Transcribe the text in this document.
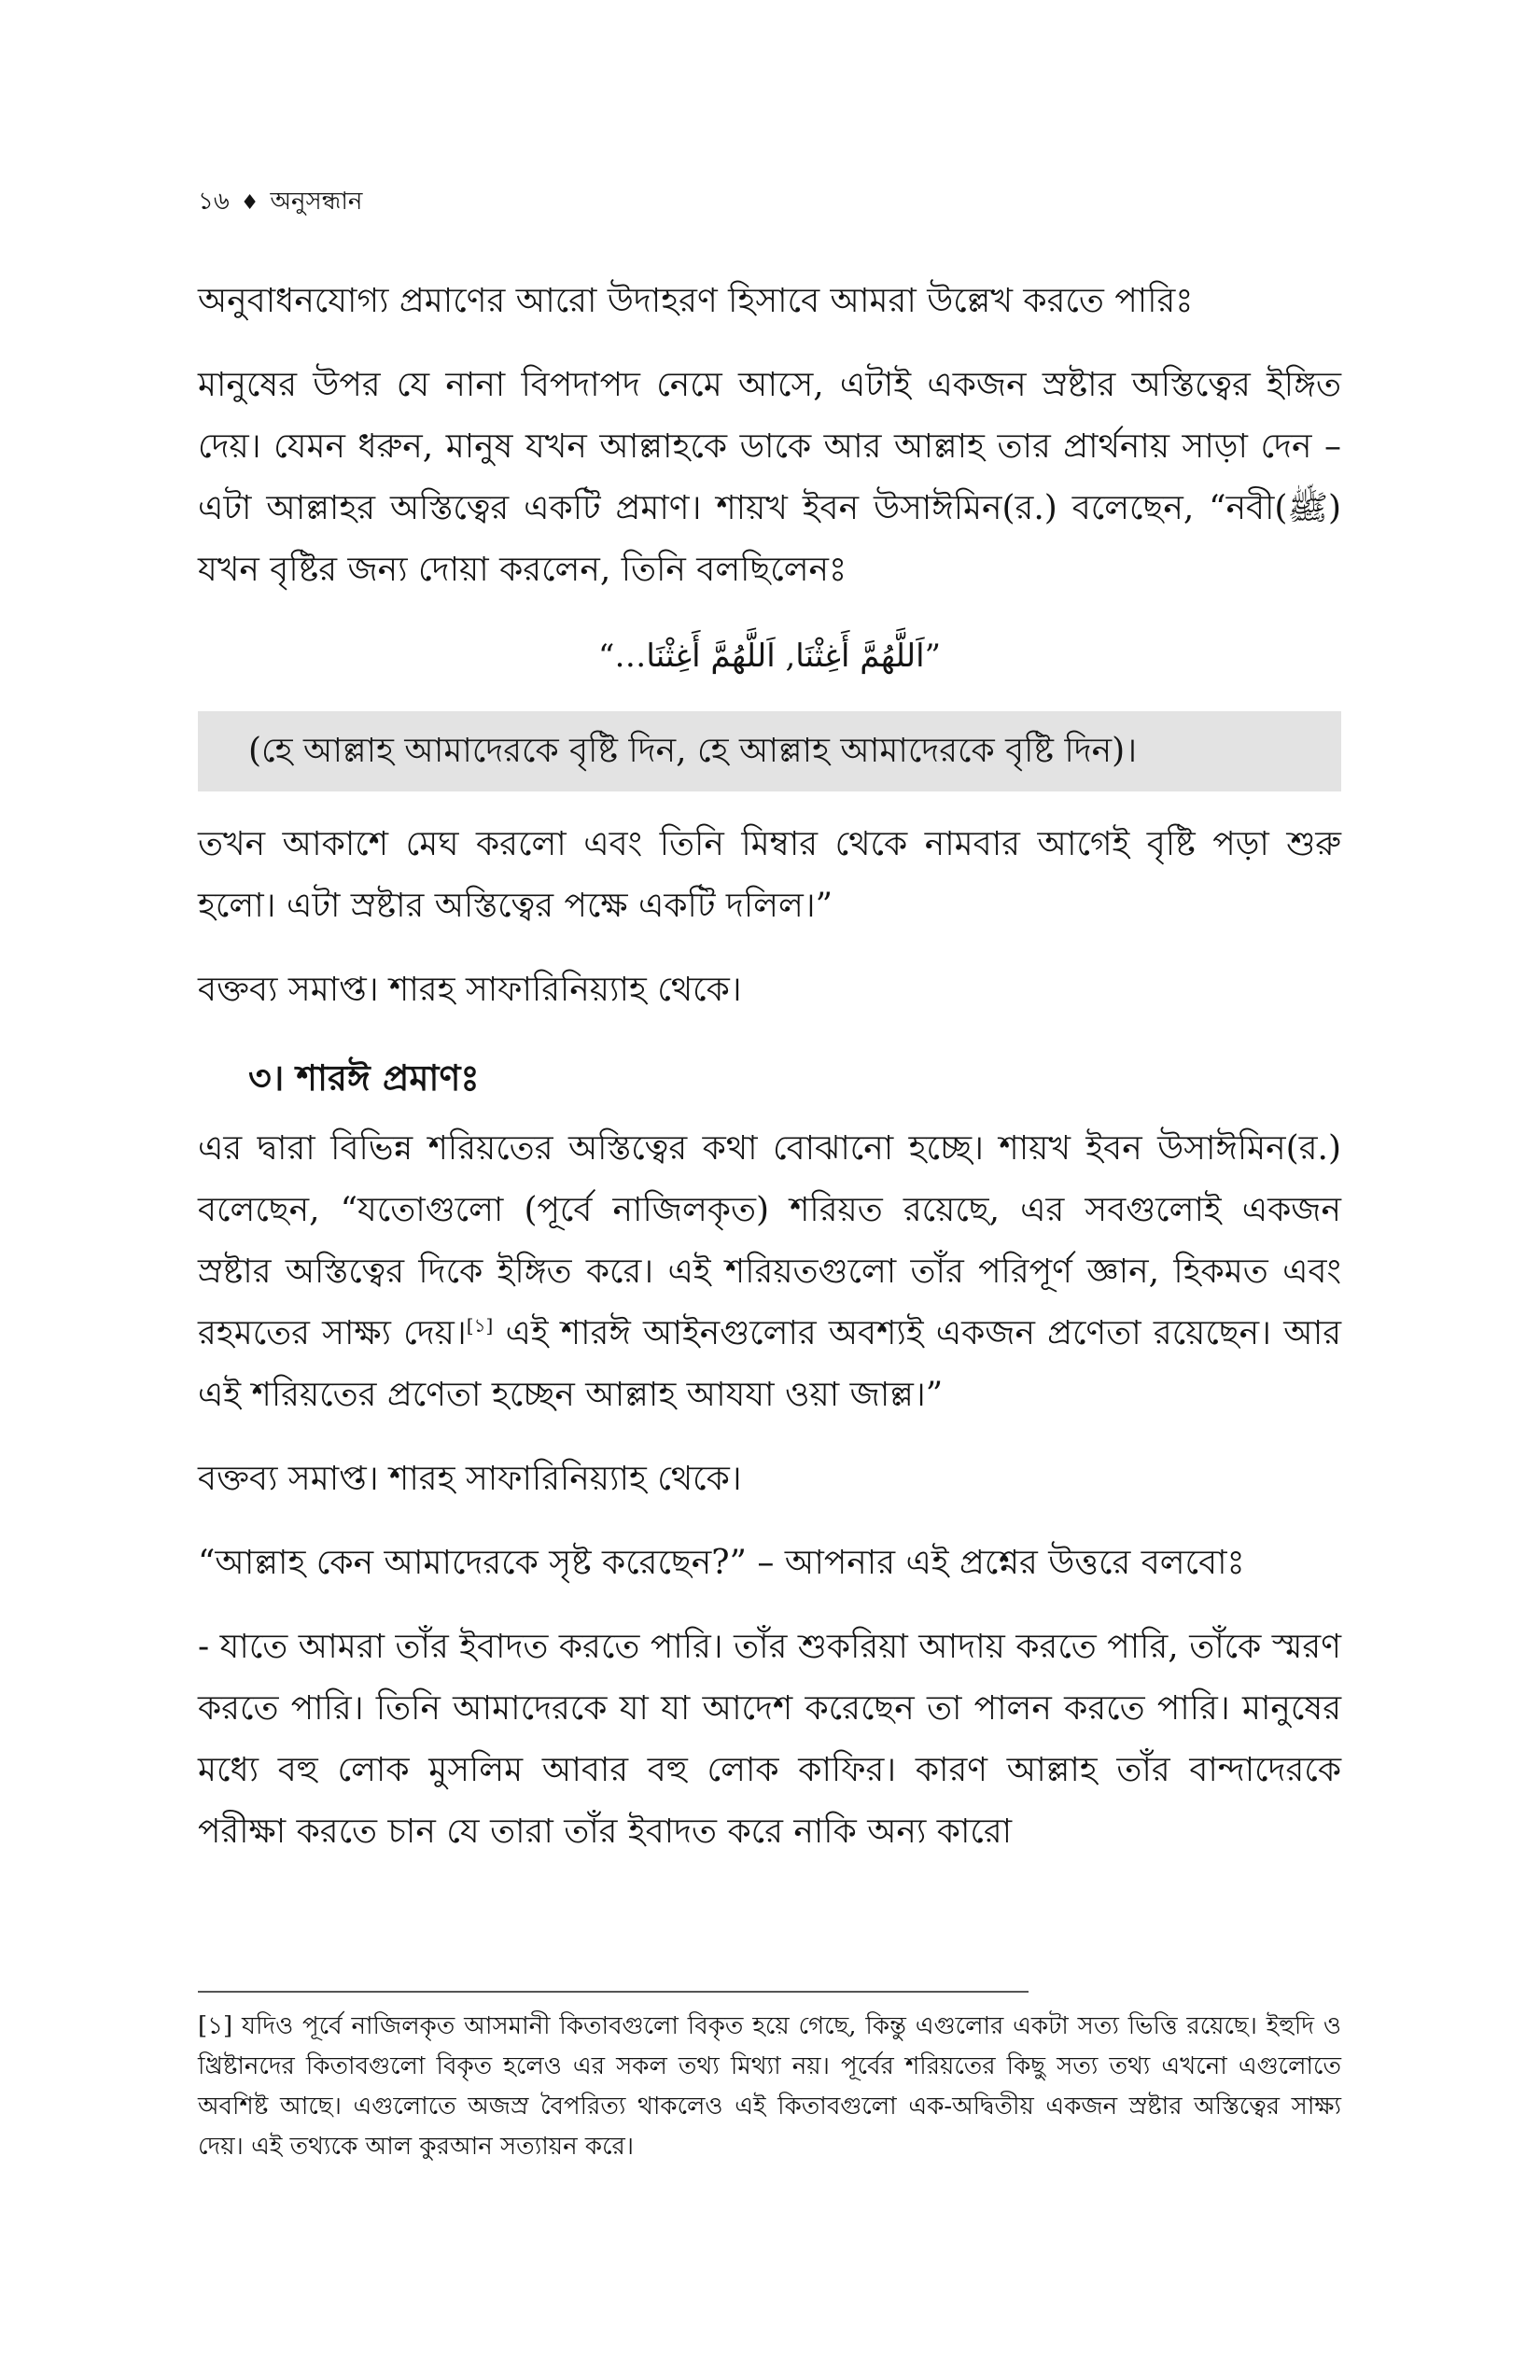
১৬ ♦ অনুসন্ধান

অনুবাধনযোগ্য প্রমাণের আরো উদাহরণ হিসাবে আমরা উল্লেখ করতে পারিঃ

মানুষের উপর যে নানা বিপদাপদ নেমে আসে, এটাই একজন স্রষ্টার অস্তিত্বের ইঙ্গিত দেয়। যেমন ধরুন, মানুষ যখন আল্লাহকে ডাকে আর আল্লাহ তার প্রার্থনায় সাড়া দেন – এটা আল্লাহর অস্তিত্বের একটি প্রমাণ। শায়খ ইবন উসাঈমিন(র.) বলেছেন, “নবী(ﷺ) যখন বৃষ্টির জন্য দোয়া করলেন, তিনি বলছিলেনঃ

”اَللَّهُمَّ أَغِثْنَا, اَللَّهُمَّ أَغِثْنَا…“
(হে আল্লাহ আমাদেরকে বৃষ্টি দিন, হে আল্লাহ আমাদেরকে বৃষ্টি দিন)।

তখন আকাশে মেঘ করলো এবং তিনি মিম্বার থেকে নামবার আগেই বৃষ্টি পড়া শুরু হলো। এটা স্রষ্টার অস্তিত্বের পক্ষে একটি দলিল।”

বক্তব্য সমাপ্ত। শারহ সাফারিনিয়্যাহ থেকে।

৩। শারঈ প্রমাণঃ

এর দ্বারা বিভিন্ন শরিয়তের অস্তিত্বের কথা বোঝানো হচ্ছে। শায়খ ইবন উসাঈমিন(র.) বলেছেন, “যতোগুলো (পূর্বে নাজিলকৃত) শরিয়ত রয়েছে, এর সবগুলোই একজন স্রষ্টার অস্তিত্বের দিকে ইঙ্গিত করে। এই শরিয়তগুলো তাঁর পরিপূর্ণ জ্ঞান, হিকমত এবং রহমতের সাক্ষ্য দেয়।[১] এই শারঈ আইনগুলোর অবশ্যই একজন প্রণেতা রয়েছেন। আর এই শরিয়তের প্রণেতা হচ্ছেন আল্লাহ আযযা ওয়া জাল্ল।”

বক্তব্য সমাপ্ত। শারহ সাফারিনিয়্যাহ থেকে।

“আল্লাহ কেন আমাদেরকে সৃষ্ট করেছেন?” – আপনার এই প্রশ্নের উত্তরে বলবোঃ

- যাতে আমরা তাঁর ইবাদত করতে পারি। তাঁর শুকরিয়া আদায় করতে পারি, তাঁকে স্মরণ করতে পারি। তিনি আমাদেরকে যা যা আদেশ করেছেন তা পালন করতে পারি। মানুষের মধ্যে বহু লোক মুসলিম আবার বহু লোক কাফির। কারণ আল্লাহ তাঁর বান্দাদেরকে পরীক্ষা করতে চান যে তারা তাঁর ইবাদত করে নাকি অন্য কারো

[১] যদিও পূর্বে নাজিলকৃত আসমানী কিতাবগুলো বিকৃত হয়ে গেছে, কিন্তু এগুলোর একটা সত্য ভিত্তি রয়েছে। ইহুদি ও খ্রিষ্টানদের কিতাবগুলো বিকৃত হলেও এর সকল তথ্য মিথ্যা নয়। পূর্বের শরিয়তের কিছু সত্য তথ্য এখনো এগুলোতে অবশিষ্ট আছে। এগুলোতে অজস্র বৈপরিত্য থাকলেও এই কিতাবগুলো এক-অদ্বিতীয় একজন স্রষ্টার অস্তিত্বের সাক্ষ্য দেয়। এই তথ্যকে আল কুরআন সত্যায়ন করে।
